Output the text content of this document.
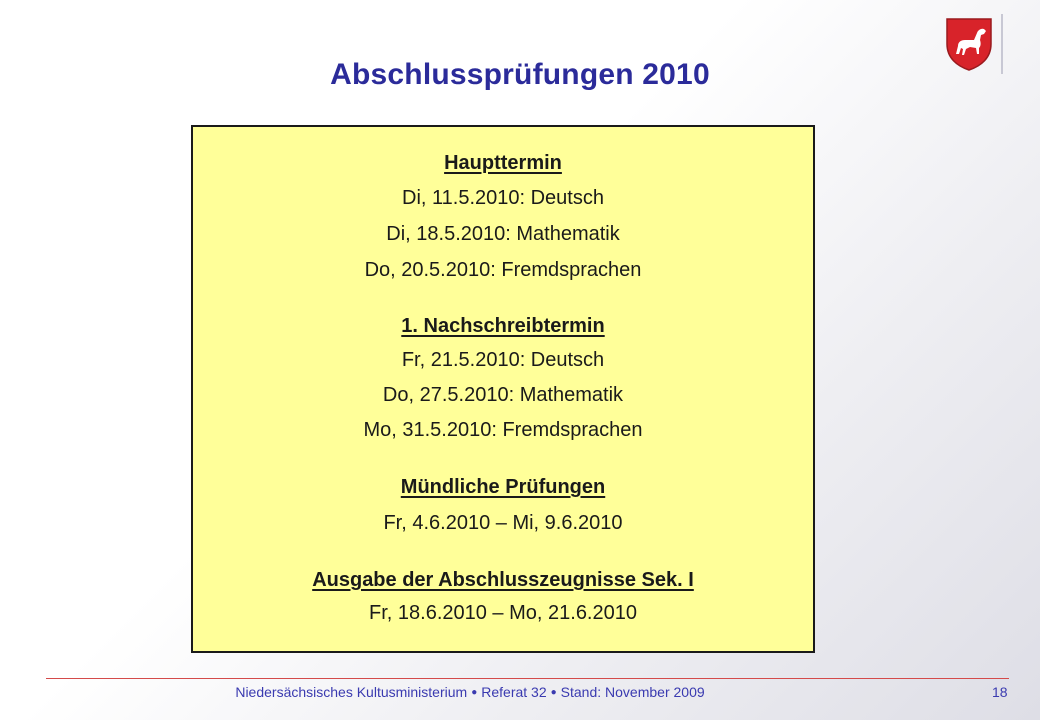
Abschlussprüfungen 2010
Haupttermin
Di, 11.5.2010: Deutsch
Di, 18.5.2010: Mathematik
Do, 20.5.2010: Fremdsprachen
1. Nachschreibtermin
Fr, 21.5.2010: Deutsch
Do, 27.5.2010: Mathematik
Mo, 31.5.2010: Fremdsprachen
Mündliche Prüfungen
Fr, 4.6.2010 – Mi, 9.6.2010
Ausgabe der Abschlusszeugnisse Sek. I
Fr, 18.6.2010 – Mo, 21.6.2010
Niedersächsisches Kultusministerium ● Referat 32 ● Stand: November 2009	18
